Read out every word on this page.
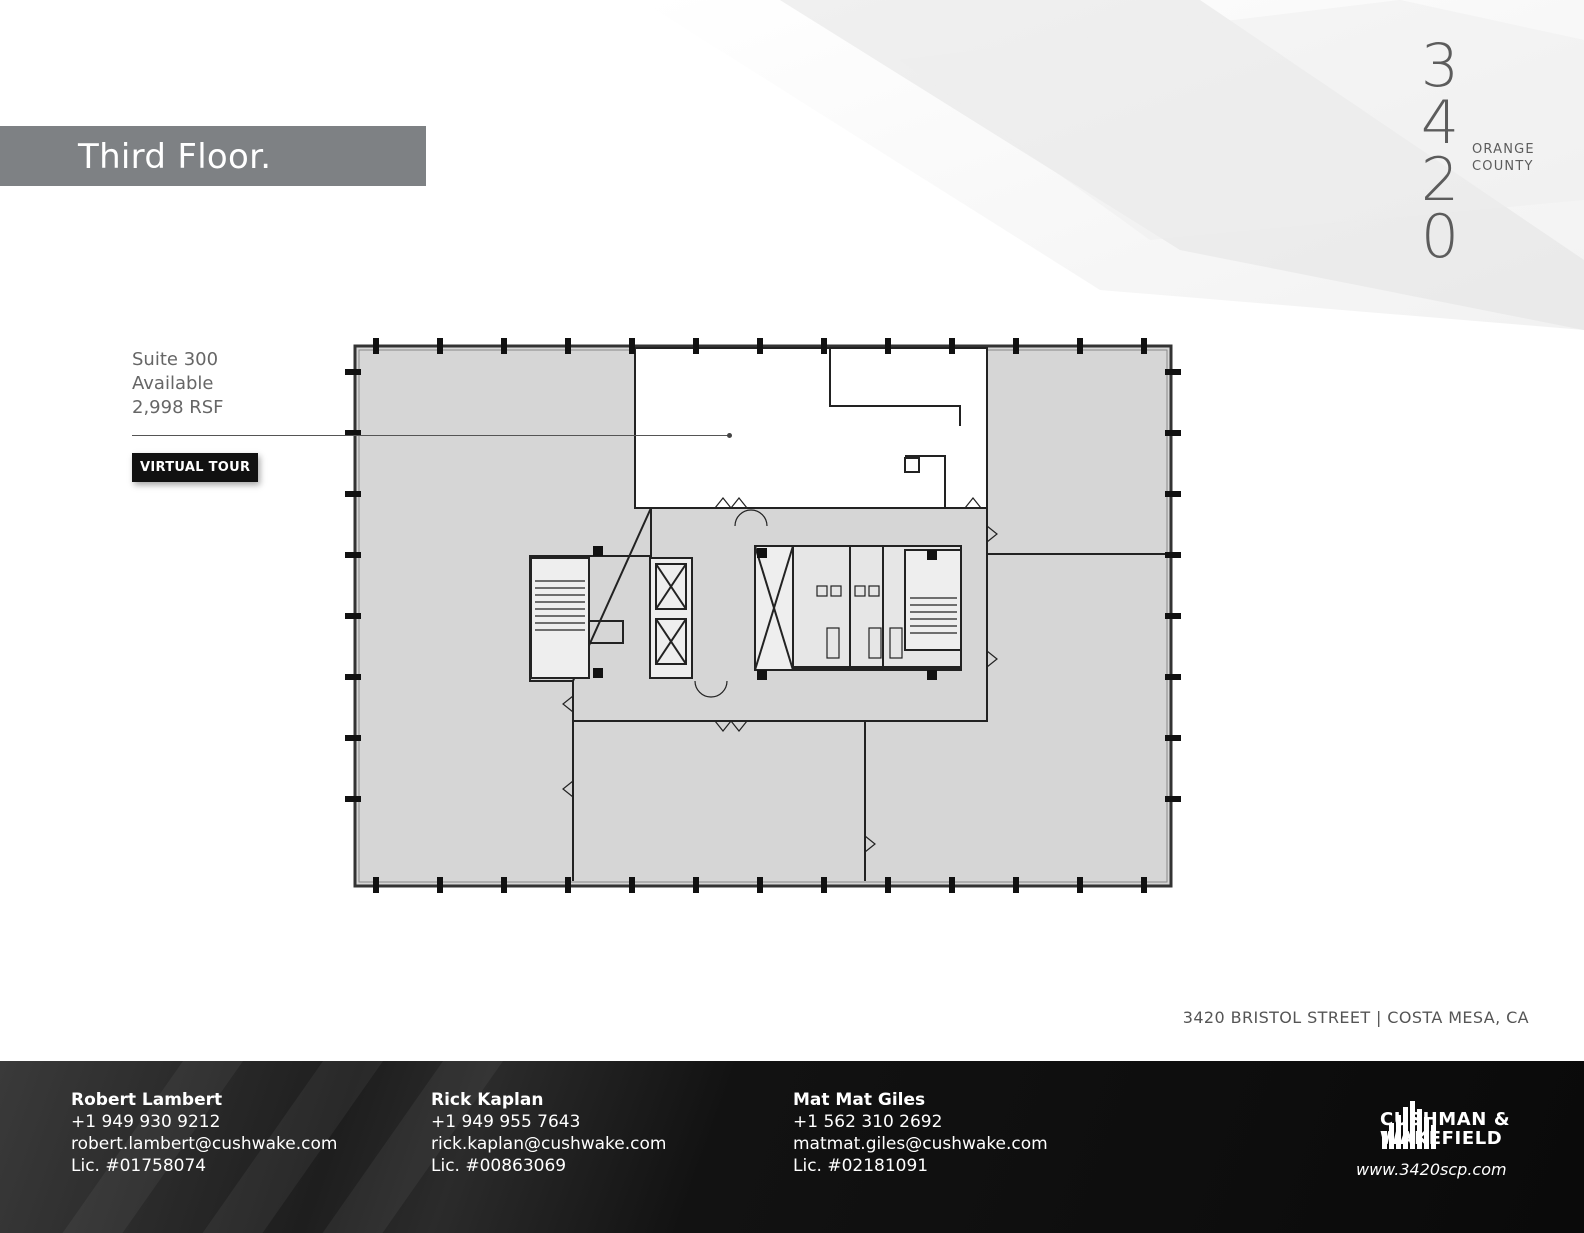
Third Floor.
3
4
2
0
ORANGE
COUNTY
Suite 300
Available
2,998 RSF
VIRTUAL TOUR
3420 BRISTOL STREET | COSTA MESA, CA
Robert Lambert
+1 949 930 9212
robert.lambert@cushwake.com
Lic. #01758074
Rick Kaplan
+1 949 955 7643
rick.kaplan@cushwake.com
Lic. #00863069
Mat Mat Giles
+1 562 310 2692
matmat.giles@cushwake.com
Lic. #02181091
CUSHMAN &
WAKEFIELD
www.3420scp.com
